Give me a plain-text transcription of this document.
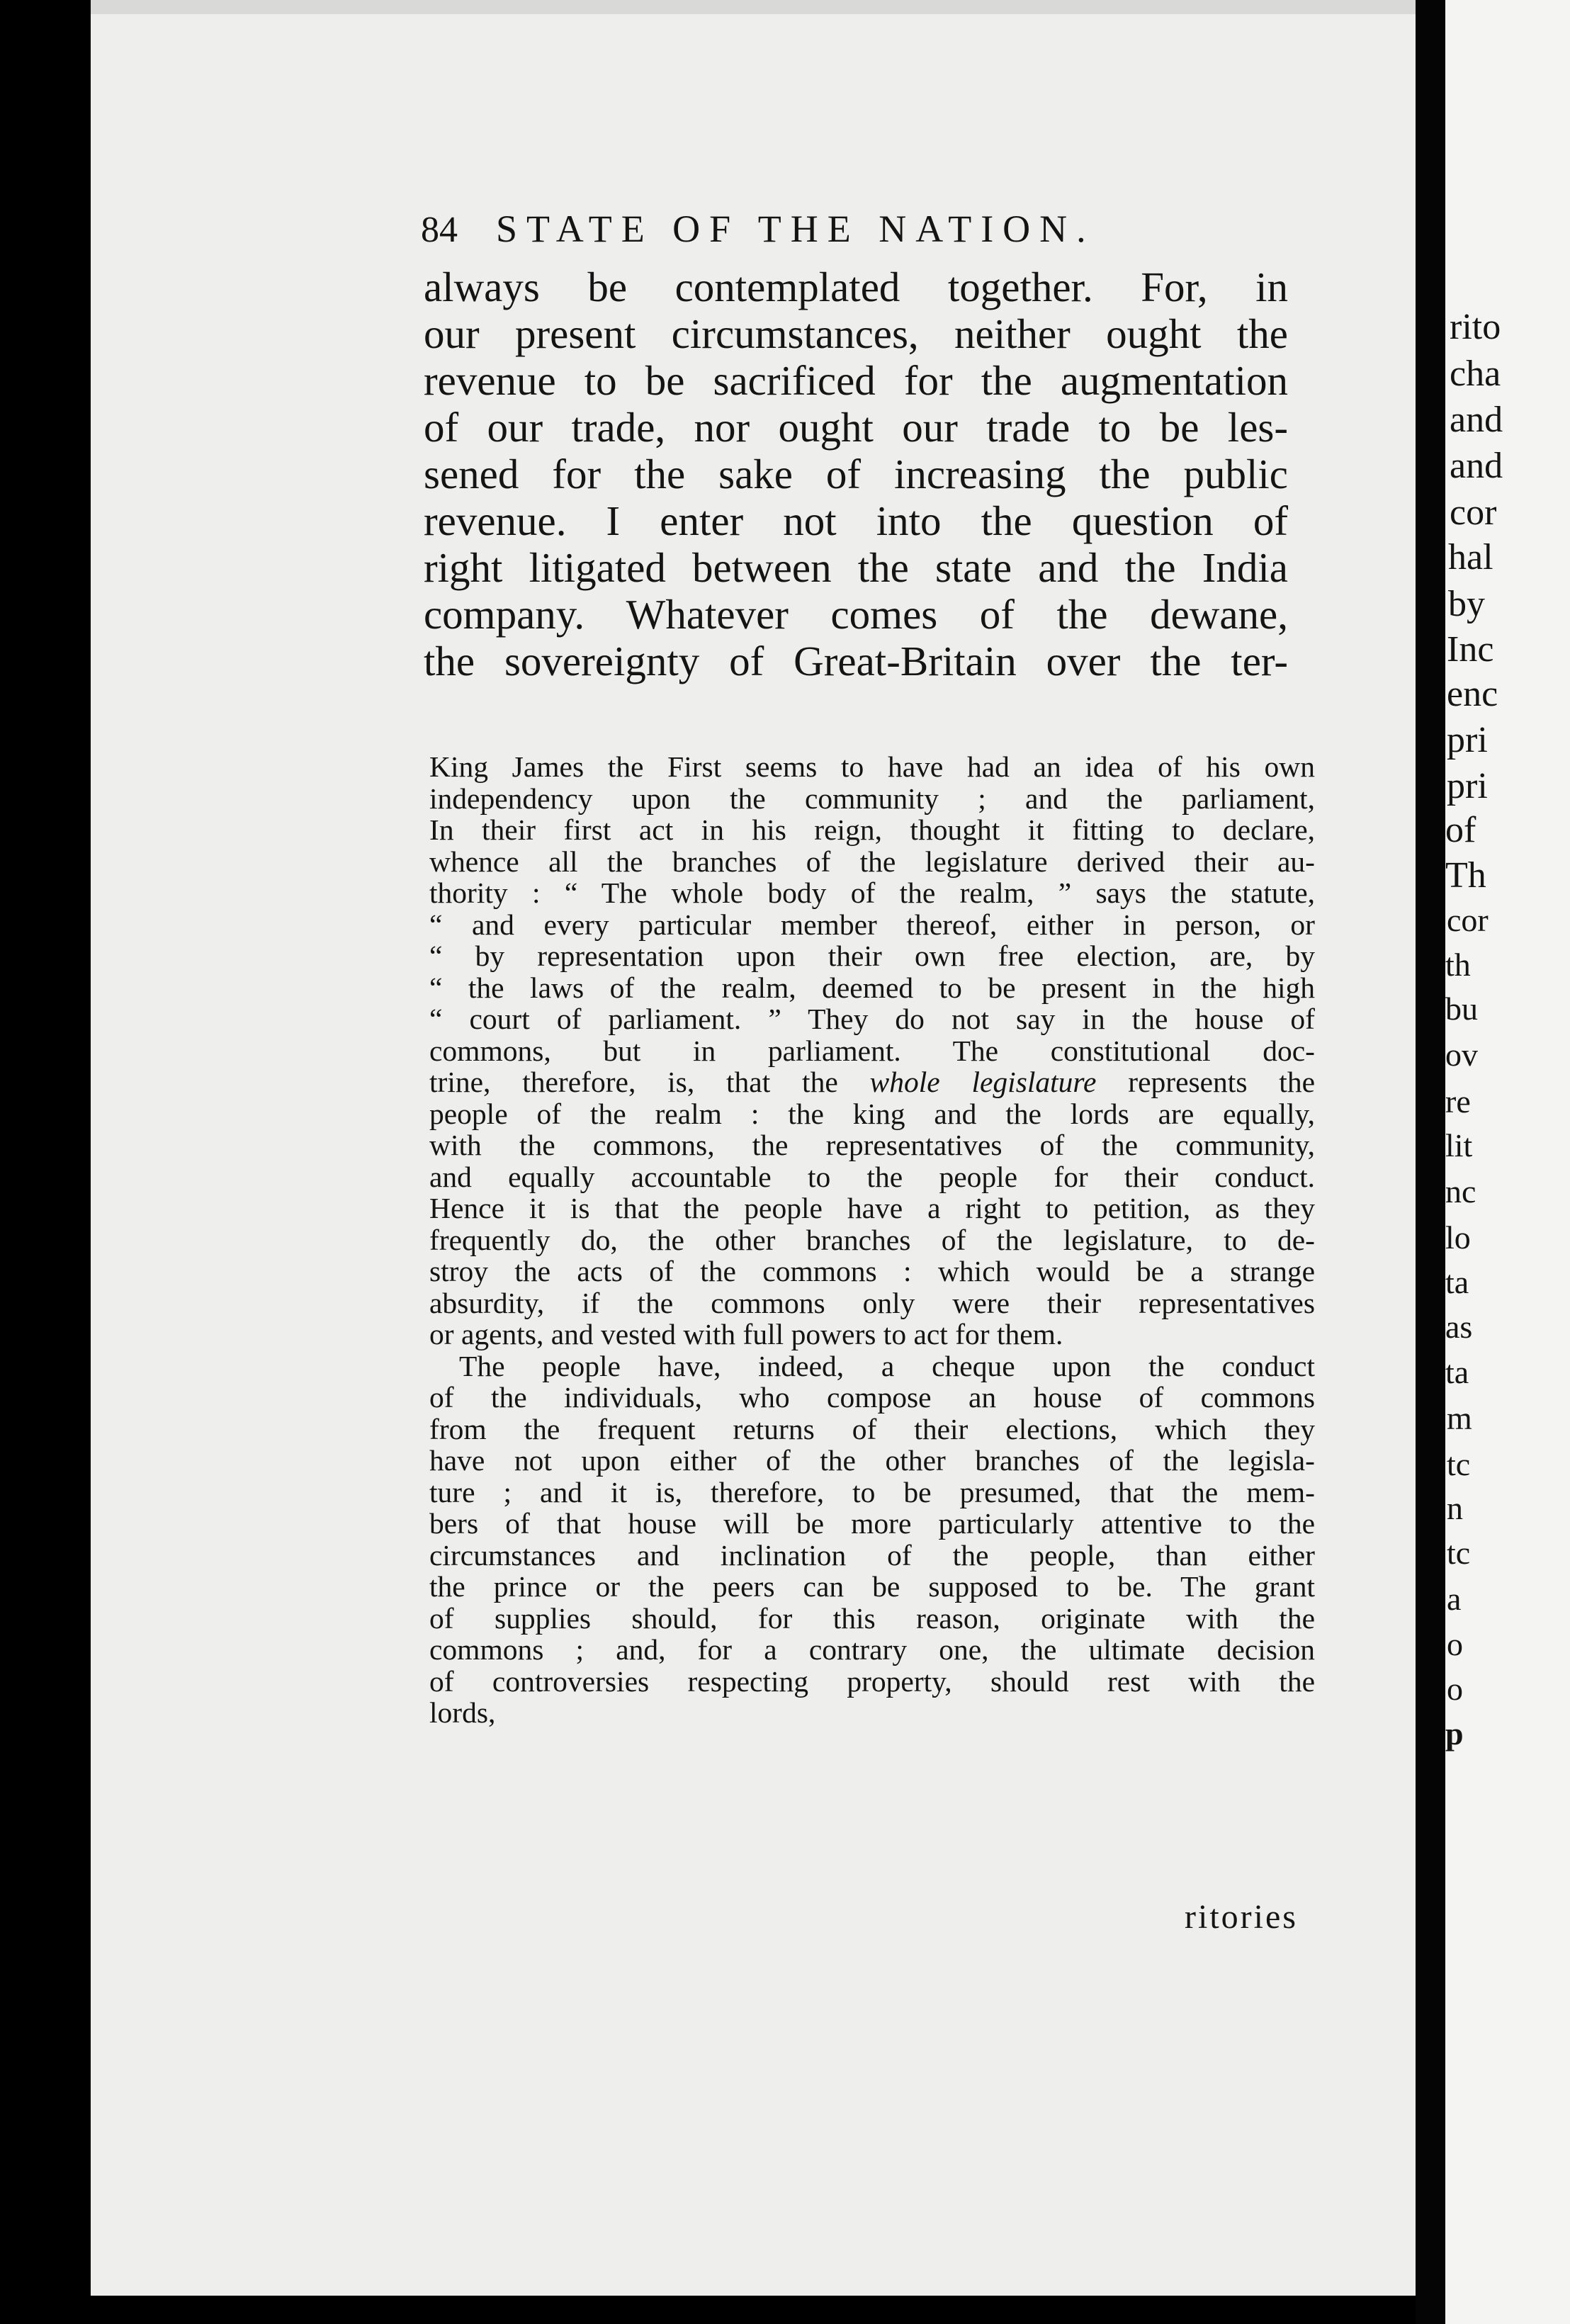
rito
cha
and
and
cor
hal
by
Inc
enc
pri
pri
of
Th
cor
th
bu
ov
re
lit
nc
lo
ta
as
ta
m
tc
n
tc
a
o
o
p
84 STATE OF THE NATION.
always be contemplated together. For, in
our present circumstances, neither ought the
revenue to be sacrificed for the augmentation
of our trade, nor ought our trade to be les-
sened for the sake of increasing the public
revenue. I enter not into the question of
right litigated between the state and the India
company. Whatever comes of the dewane,
the sovereignty of Great-Britain over the ter-
King James the First seems to have had an idea of his own
independency upon the community ; and the parliament,
In their first act in his reign, thought it fitting to declare,
whence all the branches of the legislature derived their au-
thority : “ The whole body of the realm, ” says the statute,
“ and every particular member thereof, either in person, or
“ by representation upon their own free election, are, by
“ the laws of the realm, deemed to be present in the high
“ court of parliament. ” They do not say in the house of
commons, but in parliament. The constitutional doc-
trine, therefore, is, that the whole legislature represents the
people of the realm : the king and the lords are equally,
with the commons, the representatives of the community,
and equally accountable to the people for their conduct.
Hence it is that the people have a right to petition, as they
frequently do, the other branches of the legislature, to de-
stroy the acts of the commons : which would be a strange
absurdity, if the commons only were their representatives
or agents, and vested with full powers to act for them.
The people have, indeed, a cheque upon the conduct
of the individuals, who compose an house of commons
from the frequent returns of their elections, which they
have not upon either of the other branches of the legisla-
ture ; and it is, therefore, to be presumed, that the mem-
bers of that house will be more particularly attentive to the
circumstances and inclination of the people, than either
the prince or the peers can be supposed to be. The grant
of supplies should, for this reason, originate with the
commons ; and, for a contrary one, the ultimate decision
of controversies respecting property, should rest with the
lords,
ritories
